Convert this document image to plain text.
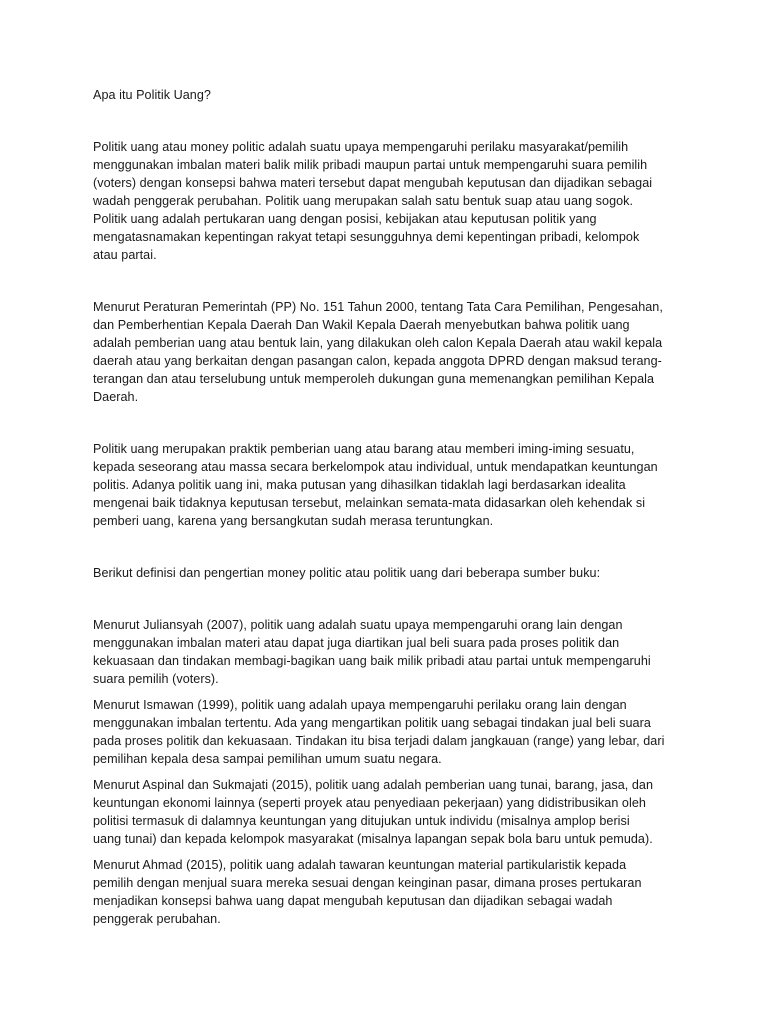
Apa itu Politik Uang?

Politik uang atau money politic adalah suatu upaya mempengaruhi perilaku masyarakat/pemilih
menggunakan imbalan materi balik milik pribadi maupun partai untuk mempengaruhi suara pemilih
(voters) dengan konsepsi bahwa materi tersebut dapat mengubah keputusan dan dijadikan sebagai
wadah penggerak perubahan. Politik uang merupakan salah satu bentuk suap atau uang sogok.
Politik uang adalah pertukaran uang dengan posisi, kebijakan atau keputusan politik yang
mengatasnamakan kepentingan rakyat tetapi sesungguhnya demi kepentingan pribadi, kelompok
atau partai.

Menurut Peraturan Pemerintah (PP) No. 151 Tahun 2000, tentang Tata Cara Pemilihan, Pengesahan,
dan Pemberhentian Kepala Daerah Dan Wakil Kepala Daerah menyebutkan bahwa politik uang
adalah pemberian uang atau bentuk lain, yang dilakukan oleh calon Kepala Daerah atau wakil kepala
daerah atau yang berkaitan dengan pasangan calon, kepada anggota DPRD dengan maksud terang-
terangan dan atau terselubung untuk memperoleh dukungan guna memenangkan pemilihan Kepala
Daerah.

Politik uang merupakan praktik pemberian uang atau barang atau memberi iming-iming sesuatu,
kepada seseorang atau massa secara berkelompok atau individual, untuk mendapatkan keuntungan
politis. Adanya politik uang ini, maka putusan yang dihasilkan tidaklah lagi berdasarkan idealita
mengenai baik tidaknya keputusan tersebut, melainkan semata-mata didasarkan oleh kehendak si
pemberi uang, karena yang bersangkutan sudah merasa teruntungkan.

Berikut definisi dan pengertian money politic atau politik uang dari beberapa sumber buku:

Menurut Juliansyah (2007), politik uang adalah suatu upaya mempengaruhi orang lain dengan
menggunakan imbalan materi atau dapat juga diartikan jual beli suara pada proses politik dan
kekuasaan dan tindakan membagi-bagikan uang baik milik pribadi atau partai untuk mempengaruhi
suara pemilih (voters).

Menurut Ismawan (1999), politik uang adalah upaya mempengaruhi perilaku orang lain dengan
menggunakan imbalan tertentu. Ada yang mengartikan politik uang sebagai tindakan jual beli suara
pada proses politik dan kekuasaan. Tindakan itu bisa terjadi dalam jangkauan (range) yang lebar, dari
pemilihan kepala desa sampai pemilihan umum suatu negara.

Menurut Aspinal dan Sukmajati (2015), politik uang adalah pemberian uang tunai, barang, jasa, dan
keuntungan ekonomi lainnya (seperti proyek atau penyediaan pekerjaan) yang didistribusikan oleh
politisi termasuk di dalamnya keuntungan yang ditujukan untuk individu (misalnya amplop berisi
uang tunai) dan kepada kelompok masyarakat (misalnya lapangan sepak bola baru untuk pemuda).

Menurut Ahmad (2015), politik uang adalah tawaran keuntungan material partikularistik kepada
pemilih dengan menjual suara mereka sesuai dengan keinginan pasar, dimana proses pertukaran
menjadikan konsepsi bahwa uang dapat mengubah keputusan dan dijadikan sebagai wadah
penggerak perubahan.
